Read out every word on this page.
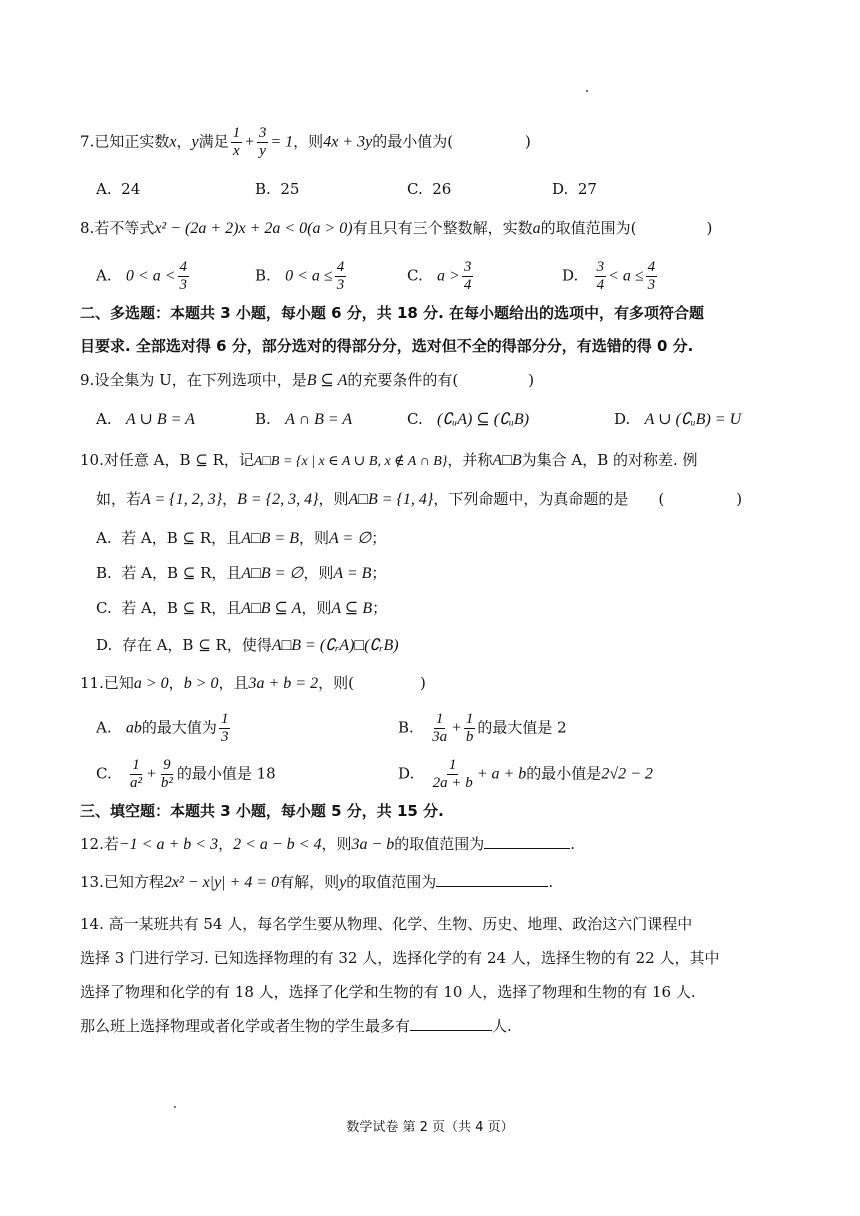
7.已知正实数x，y满足 $\frac{1}{x} + \frac{3}{y} = 1$，则4x + 3y的最小值为(	)
A. 24	B. 25	C. 26	D. 27
8.若不等式x² − (2a + 2)x + 2a < 0(a > 0)有且只有三个整数解，实数a的取值范围为(	)
A. $0 < a < \frac{4}{3}$	B. $0 < a \le \frac{4}{3}$	C. $a > \frac{3}{4}$	D. $\frac{3}{4} < a \le \frac{4}{3}$
二、多选题：本题共 3 小题，每小题 6 分，共 18 分. 在每小题给出的选项中，有多项符合题
目要求. 全部选对得 6 分，部分选对的得部分分，选对但不全的得部分分，有选错的得 0 分.
9.设全集为 U，在下列选项中，是B ⊆ A的充要条件的有(	)
A. A ∪ B = A	B. A ∩ B = A	C. (∁ᵤA) ⊆ (∁ᵤB)	D. A ∪ (∁ᵤB) = U
10.对任意 A，B ⊆ R，记A□B = {x | x ∈ A ∪ B, x ∉ A ∩ B}，并称A□B为集合 A，B 的对称差. 例
如，若A = {1, 2, 3}，B = {2, 3, 4}，则A□B = {1, 4}，下列命题中，为真命题的是 (	)
A. 若 A，B ⊆ R，且A□B = B，则A = ∅；
B. 若 A，B ⊆ R，且A□B = ∅，则A = B；
C. 若 A，B ⊆ R，且A□B ⊆ A，则A ⊆ B；
D. 存在 A，B ⊆ R，使得A□B = (∁ᵣA)□(∁ᵣB)
11.已知a > 0，b > 0，且3a + b = 2，则(	)
A. ab的最大值为 $\frac{1}{3}$	B. $\frac{1}{3a} + \frac{1}{b}$ 的最大值是 2
C. $\frac{1}{\text{a²}} + \frac{9}{\text{b²}}$ 的最小值是 18	D. $\frac{1}{2a + b} + a + b$的最小值是2√2 − 2
三、填空题：本题共 3 小题，每小题 5 分，共 15 分.
12.若−1 < a + b < 3，2 < a − b < 4，则3a − b的取值范围为	.
13.已知方程2x² − x|y| + 4 = 0有解，则y的取值范围为	.
14. 高一某班共有 54 人，每名学生要从物理、化学、生物、历史、地理、政治这六门课程中
选择 3 门进行学习. 已知选择物理的有 32 人，选择化学的有 24 人，选择生物的有 22 人，其中
选择了物理和化学的有 18 人，选择了化学和生物的有 10 人，选择了物理和生物的有 16 人.
那么班上选择物理或者化学或者生物的学生最多有	人.
数学试卷 第 2 页（共 4 页）
